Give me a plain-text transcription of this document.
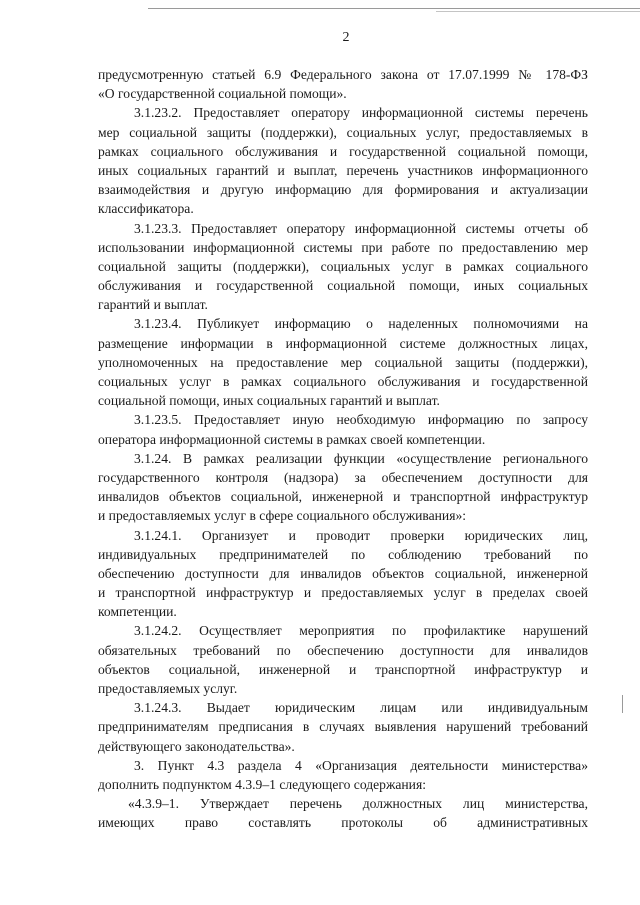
2
предусмотренную статьей 6.9 Федерального закона от 17.07.1999 № 178-ФЗ
«О государственной социальной помощи».
3.1.23.2. Предоставляет оператору информационной системы перечень
мер социальной защиты (поддержки), социальных услуг, предоставляемых в
рамках социального обслуживания и государственной социальной помощи,
иных социальных гарантий и выплат, перечень участников информационного
взаимодействия и другую информацию для формирования и актуализации
классификатора.
3.1.23.3. Предоставляет оператору информационной системы отчеты об
использовании информационной системы при работе по предоставлению мер
социальной защиты (поддержки), социальных услуг в рамках социального
обслуживания и государственной социальной помощи, иных социальных
гарантий и выплат.
3.1.23.4. Публикует информацию о наделенных полномочиями на
размещение информации в информационной системе должностных лицах,
уполномоченных на предоставление мер социальной защиты (поддержки),
социальных услуг в рамках социального обслуживания и государственной
социальной помощи, иных социальных гарантий и выплат.
3.1.23.5. Предоставляет иную необходимую информацию по запросу
оператора информационной системы в рамках своей компетенции.
3.1.24. В рамках реализации функции «осуществление регионального
государственного контроля (надзора) за обеспечением доступности для
инвалидов объектов социальной, инженерной и транспортной инфраструктур
и предоставляемых услуг в сфере социального обслуживания»:
3.1.24.1. Организует и проводит проверки юридических лиц,
индивидуальных предпринимателей по соблюдению требований по
обеспечению доступности для инвалидов объектов социальной, инженерной
и транспортной инфраструктур и предоставляемых услуг в пределах своей
компетенции.
3.1.24.2. Осуществляет мероприятия по профилактике нарушений
обязательных требований по обеспечению доступности для инвалидов
объектов социальной, инженерной и транспортной инфраструктур и
предоставляемых услуг.
3.1.24.3. Выдает юридическим лицам или индивидуальным
предпринимателям предписания в случаях выявления нарушений требований
действующего законодательства».
3. Пункт 4.3 раздела 4 «Организация деятельности министерства»
дополнить подпунктом 4.3.9–1 следующего содержания:
«4.3.9–1. Утверждает перечень должностных лиц министерства,
имеющих право составлять протоколы об административных
